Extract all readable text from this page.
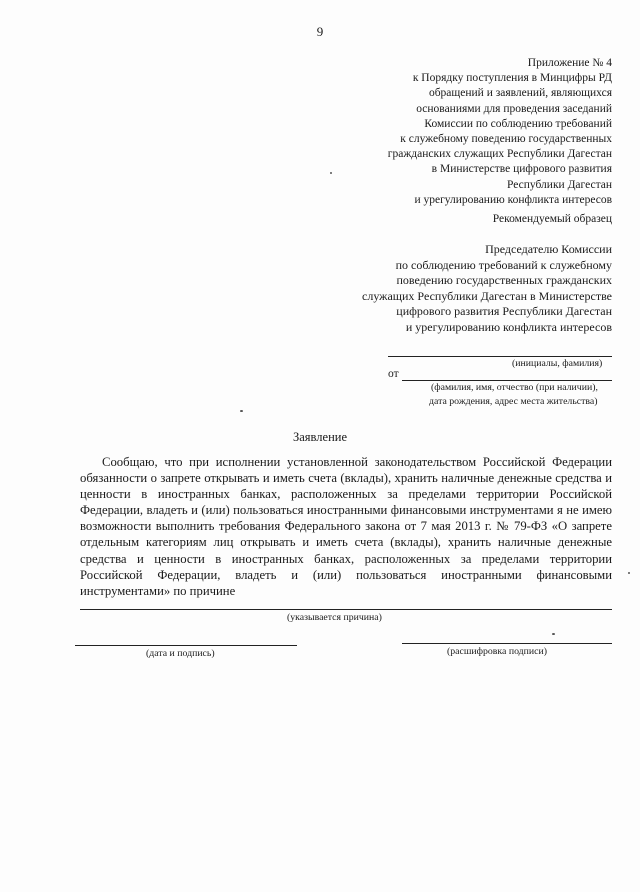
9
Приложение № 4
к Порядку поступления в Минцифры РД
обращений и заявлений, являющихся
основаниями для проведения заседаний
Комиссии по соблюдению требований
к служебному поведению государственных
гражданских служащих Республики Дагестан
в Министерстве цифрового развития
Республики Дагестан
и урегулированию конфликта интересов
Рекомендуемый образец
Председателю Комиссии
по соблюдению требований к служебному
поведению государственных гражданских
служащих Республики Дагестан в Министерстве
цифрового развития Республики Дагестан
и урегулированию конфликта интересов
(инициалы, фамилия)
от
(фамилия, имя, отчество (при наличии),
дата рождения, адрес места жительства)
Заявление
Сообщаю, что при исполнении установленной законодательством Российской Федерации обязанности о запрете открывать и иметь счета (вклады), хранить наличные денежные средства и ценности в иностранных банках, расположенных за пределами территории Российской Федерации, владеть и (или) пользоваться иностранными финансовыми инструментами я не имею возможности выполнить требования Федерального закона от 7 мая 2013 г. № 79-ФЗ «О запрете отдельным категориям лиц открывать и иметь счета (вклады), хранить наличные денежные средства и ценности в иностранных банках, расположенных за пределами территории Российской Федерации, владеть и (или) пользоваться иностранными финансовыми инструментами» по причине
(указывается причина)
(дата и подпись)	(расшифровка подписи)
